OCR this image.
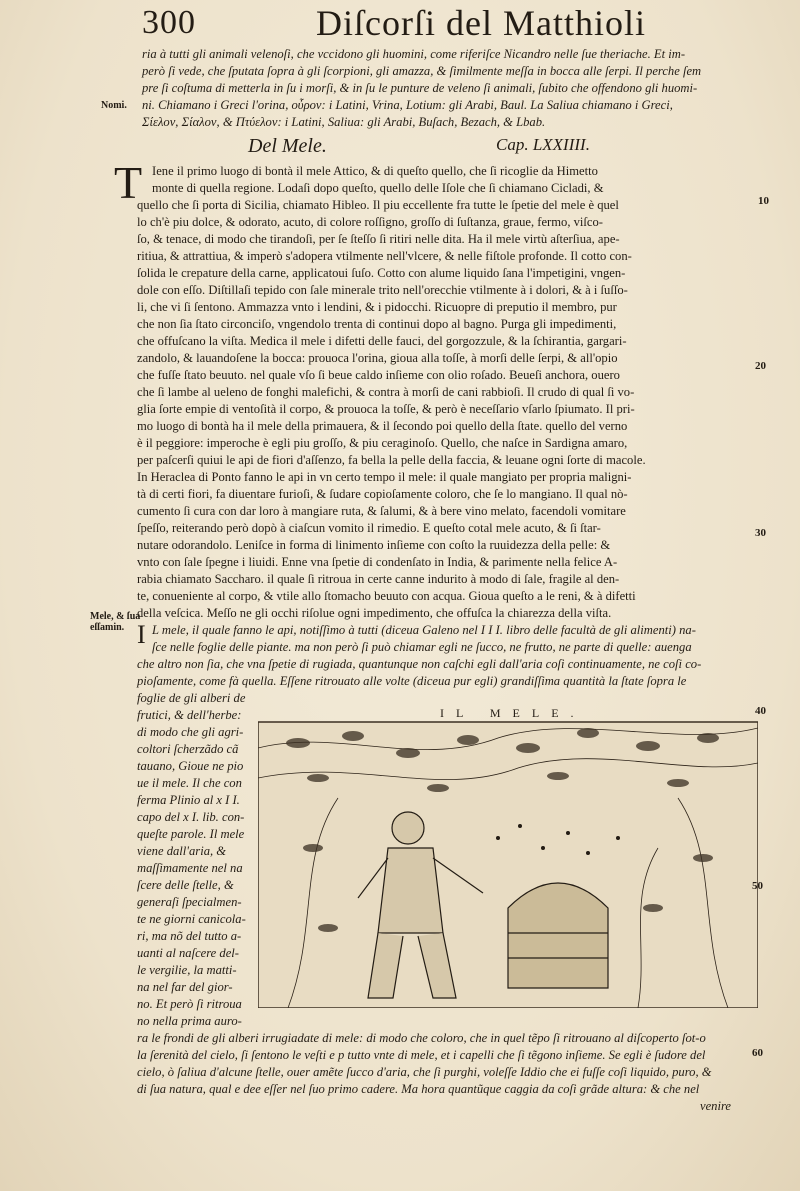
300	Diſcorſi del Matthioli
ria à tutti gli animali velenoſi, che vccidono gli huomini, come riferiſce Nicandro nelle ſue theriache. Et im-
però ſi vede, che ſputata ſopra à gli ſcorpioni, gli amazza, & ſimilmente meſſa in bocca alle ſerpi. Il perche ſem
pre ſi coſtuma di metterla in ſu i morſi, & in ſu le punture de veleno ſi animali, ſubito che offendono gli huomi-
ni. Chiamano i Greci l'orina, οὖρον: i Latini, Vrina, Lotium: gli Arabi, Baul. La Saliua chiamano i Greci,
Σίελον, Σίαλον, & Πτύελον: i Latini, Saliua: gli Arabi, Buſach, Bezach, & Lbab.
Nomi.
Del Mele.	Cap. LXXIIII.
T Iene il primo luogo di bontà il mele Attico, & di queſto quello, che ſi ricoglie da Himetto
monte di quella regione. Lodaſi dopo queſto, quello delle Iſole che ſi chiamano Cicladi, &
quello che ſi porta di Sicilia, chiamato Hibleo. Il piu eccellente fra tutte le ſpetie del mele è quel
lo ch'è piu dolce, & odorato, acuto, di colore roſſigno, groſſo di ſuſtanza, graue, fermo, viſco-
ſo, & tenace, di modo che tirandoſi, per ſe ſteſſo ſi ritiri nelle dita. Ha il mele virtù aſterſiua, ape-
ritiua, & attrattiua, & imperò s'adopera vtilmente nell'vlcere, & nelle fiſtole profonde. Il cotto con-
ſolida le crepature della carne, applicatoui ſuſo. Cotto con alume liquido ſana l'impetigini, vngen-
dole con eſſo. Diſtillaſi tepido con ſale minerale trito nell'orecchie vtilmente à i dolori, & à i ſuſſo-
li, che vi ſi ſentono. Ammazza vnto i lendini, & i pidocchi. Ricuopre di preputio il membro, pur
che non ſia ſtato circonciſo, vngendolo trenta di continui dopo al bagno. Purga gli impedimenti,
che offuſcano la viſta. Medica il mele i difetti delle fauci, del gorgozzule, & la ſchirantia, gargari-
zandolo, & lauandoſene la bocca: prouoca l'orina, gioua alla toſſe, à morſi delle ſerpi, & all'opio
che fuſſe ſtato beuuto. nel quale vſo ſi beue caldo inſieme con olio roſado. Beueſi anchora, ouero
che ſi lambe al ueleno de fonghi malefichi, & contra à morſi de cani rabbioſi. Il crudo di qual ſi vo-
glia ſorte empie di ventoſità il corpo, & prouoca la toſſe, & però è neceſſario vſarlo ſpiumato. Il pri-
mo luogo di bontà ha il mele della primauera, & il ſecondo poi quello della ſtate. quello del verno
è il peggiore: imperoche è egli piu groſſo, & piu ceraginoſo. Quello, che naſce in Sardigna amaro,
per paſcerſi quiui le api de fiori d'aſſenzo, fa bella la pelle della faccia, & leuane ogni ſorte di macole.
In Heraclea di Ponto fanno le api in vn certo tempo il mele: il quale mangiato per propria maligni-
tà di certi fiori, fa diuentare furioſi, & ſudare copioſamente coloro, che ſe lo mangiano. Il qual nò-
cumento ſi cura con dar loro à mangiare ruta, & ſalumi, & à bere vino melato, facendoli vomitare
ſpeſſo, reiterando però dopò à ciaſcun vomito il rimedio. E queſto cotal mele acuto, & ſi ſtar-
nutare odorandolo. Leniſce in forma di linimento inſieme con coſto la ruuidezza della pelle: &
vnto con ſale ſpegne i liuidi. Enne vna ſpetie di condenſato in India, & parimente nella felice A-
rabia chiamato Saccharo. il quale ſi ritroua in certe canne indurito à modo di ſale, fragile al den-
te, conueniente al corpo, & vtile allo ſtomacho beuuto con acqua. Gioua queſto a le reni, & à difetti
della veſcica. Meſſo ne gli occhi riſolue ogni impedimento, che offuſca la chiarezza della viſta.
I L mele, il quale fanno le api, notiſſimo à tutti (diceua Galeno nel I I I. libro delle facultà de gli alimenti) na-
ſce nelle foglie delle piante. ma non però ſi può chiamar egli ne ſucco, ne frutto, ne parte di quelle: auenga
che altro non ſia, che vna ſpetie di rugiada, quantunque non caſchi egli dall'aria coſi continuamente, ne coſi co-
pioſamente, come fà quella. Eſſene ritrouato alle volte (diceua pur egli) grandiſſima quantità la ſtate ſopra le
foglie de gli alberi de
Mele, & ſua
eſſamin.
frutici, & dell'herbe:
di modo che gli agri-
coltori ſcherzãdo cã
tauano, Gioue ne pio
ue il mele. Il che con
ferma Plinio al x I I.
capo del x I. lib. con-
queſte parole. Il mele
viene dall'aria, &
maſſimamente nel na
ſcere delle ſtelle, &
generaſi ſpecialmen-
te ne giorni canicola-
ri, ma nõ del tutto a-
uanti al naſcere del-
le vergilie, la matti-
na nel far del gior-
no. Et però ſi ritroua
no nella prima auro-
IL MELE.
ra le frondi de gli alberi irrugiadate di mele: di modo che coloro, che in quel tẽpo ſi ritrouano al diſcoperto ſot-o
la ſerenità del cielo, ſi ſentono le veſti e p tutto vnte di mele, et i capelli che ſi tẽgono inſieme. Se egli è ſudore del
cielo, ò ſaliua d'alcune ſtelle, ouer amẽte ſucco d'aria, che ſi purghi, voleſſe Iddio che ei fuſſe coſi liquido, puro, &
di ſua natura, qual e dee eſſer nel ſuo primo cadere. Ma hora quantũque caggia da coſi grãde altura: & che nel
venire
10
20
30
40
50
60
